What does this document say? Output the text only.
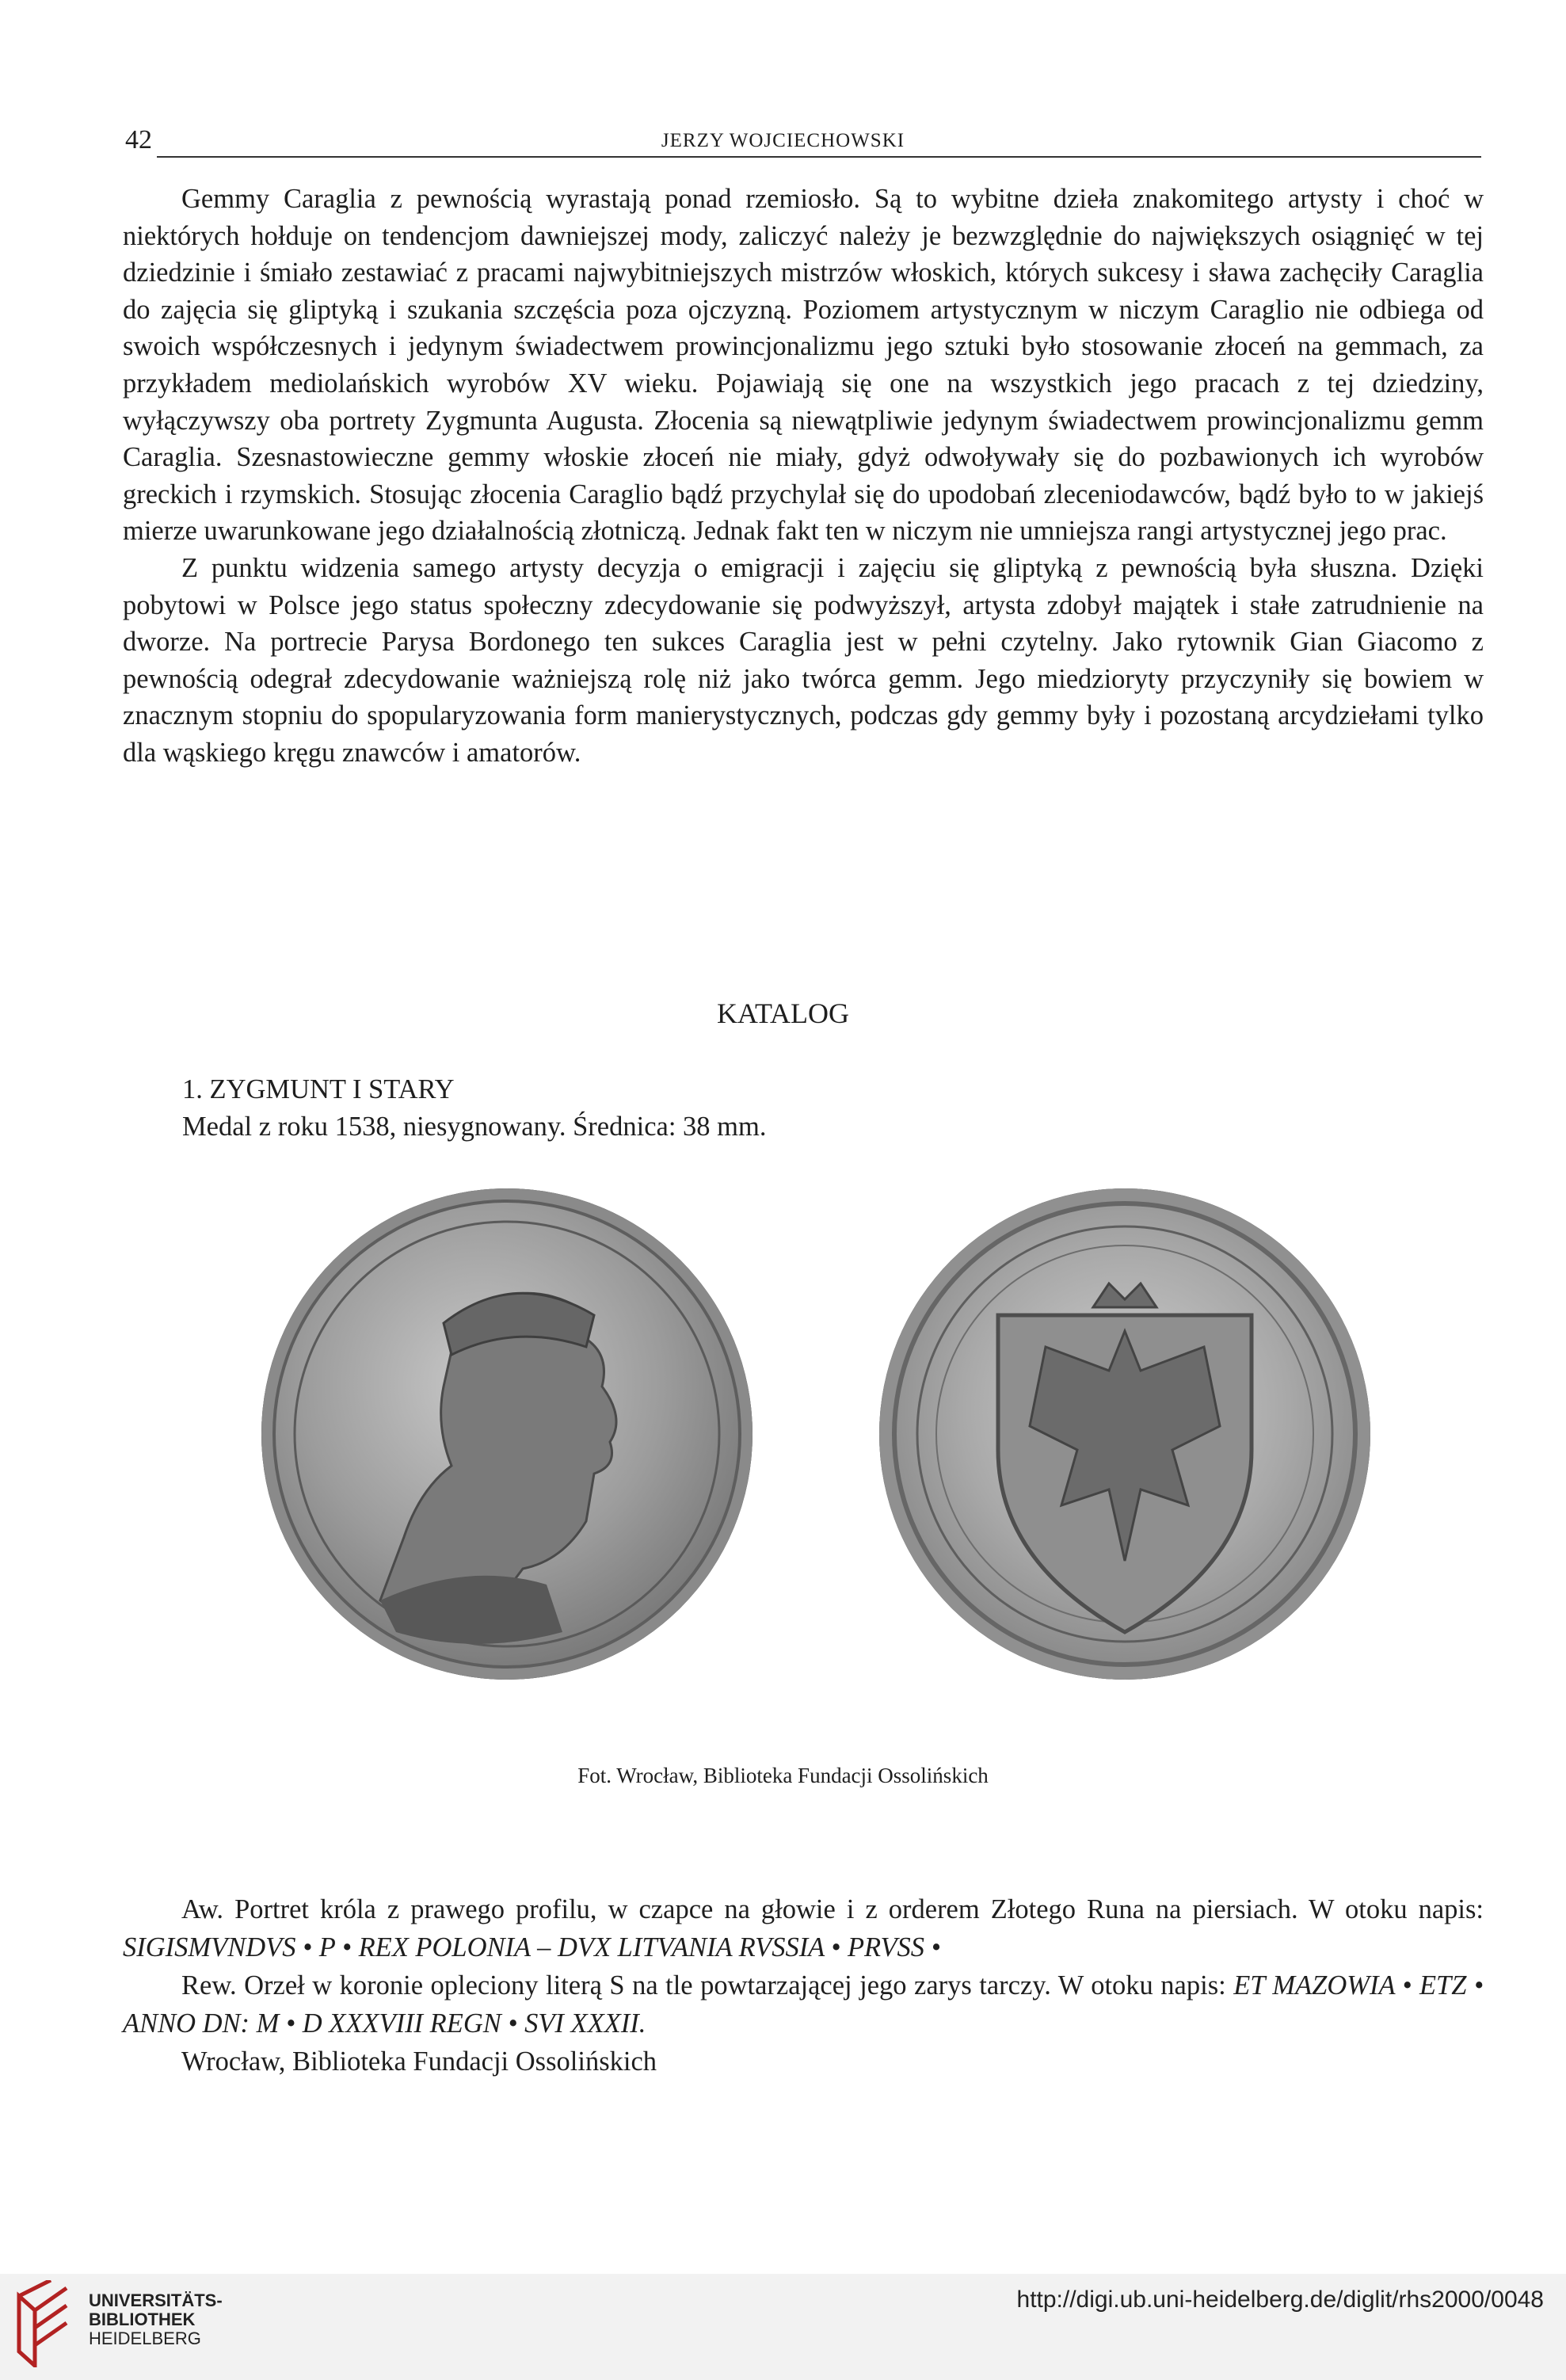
42	JERZY WOJCIECHOWSKI

Gemmy Caraglia z pewnością wyrastają ponad rzemiosło. Są to wybitne dzieła znakomitego artysty i choć w niektórych hołduje on tendencjom dawniejszej mody, zaliczyć należy je bezwzględnie do największych osiągnięć w tej dziedzinie i śmiało zestawiać z pracami najwybitniejszych mistrzów włoskich, których sukcesy i sława zachęciły Caraglia do zajęcia się gliptyką i szukania szczęścia poza ojczyzną. Poziomem artystycznym w niczym Caraglio nie odbiega od swoich współczesnych i jedynym świadectwem prowincjonalizmu jego sztuki było stosowanie złoceń na gemmach, za przykładem mediolańskich wyrobów XV wieku. Pojawiają się one na wszystkich jego pracach z tej dziedziny, wyłączywszy oba portrety Zygmunta Augusta. Złocenia są niewątpliwie jedynym świadectwem prowincjonalizmu gemm Caraglia. Szesnastowieczne gemmy włoskie złoceń nie miały, gdyż odwoływały się do pozbawionych ich wyrobów greckich i rzymskich. Stosując złocenia Caraglio bądź przychylał się do upodobań zleceniodawców, bądź było to w jakiejś mierze uwarunkowane jego działalnością złotniczą. Jednak fakt ten w niczym nie umniejsza rangi artystycznej jego prac.

Z punktu widzenia samego artysty decyzja o emigracji i zajęciu się gliptyką z pewnością była słuszna. Dzięki pobytowi w Polsce jego status społeczny zdecydowanie się podwyższył, artysta zdobył majątek i stałe zatrudnienie na dworze. Na portrecie Parysa Bordonego ten sukces Caraglia jest w pełni czytelny. Jako rytownik Gian Giacomo z pewnością odegrał zdecydowanie ważniejszą rolę niż jako twórca gemm. Jego miedzioryty przyczyniły się bowiem w znacznym stopniu do spopularyzowania form manierystycznych, podczas gdy gemmy były i pozostaną arcydziełami tylko dla wąskiego kręgu znawców i amatorów.

KATALOG
1. ZYGMUNT I STARY
Medal z roku 1538, niesygnowany. Średnica: 38 mm.
Fot. Wrocław, Biblioteka Fundacji Ossolińskich

Aw. Portret króla z prawego profilu, w czapce na głowie i z orderem Złotego Runa na piersiach. W otoku napis: SIGISMVNDVS • P • REX POLONIA – DVX LITVANIA RVSSIA • PRVSS •

Rew. Orzeł w koronie opleciony literą S na tle powtarzającej jego zarys tarczy. W otoku napis: ET MAZOWIA • ETZ • ANNO DN: M • D XXXVIII REGN • SVI XXXII.

Wrocław, Biblioteka Fundacji Ossolińskich

UNIVERSITÄTS-
BIBLIOTHEK
HEIDELBERG
http://digi.ub.uni-heidelberg.de/diglit/rhs2000/0048
